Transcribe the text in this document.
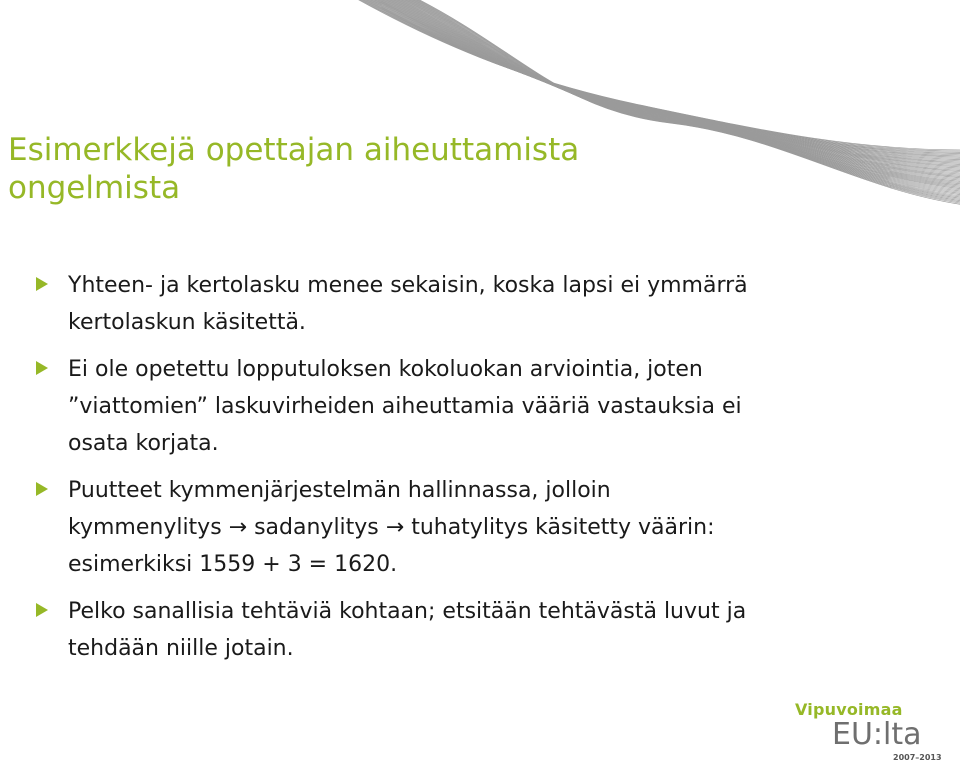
Esimerkkejä opettajan aiheuttamista
ongelmista
Yhteen- ja kertolasku menee sekaisin, koska lapsi ei ymmärrä
kertolaskun käsitettä.
Ei ole opetettu lopputuloksen kokoluokan arviointia, joten
”viattomien” laskuvirheiden aiheuttamia vääriä vastauksia ei
osata korjata.
Puutteet kymmenjärjestelmän hallinnassa, jolloin
kymmenylitys → sadanylitys → tuhatylitys käsitetty väärin:
esimerkiksi 1559 + 3 = 1620.
Pelko sanallisia tehtäviä kohtaan; etsitään tehtävästä luvut ja
tehdään niille jotain.
Vipuvoimaa
EU:lta
2007–2013
